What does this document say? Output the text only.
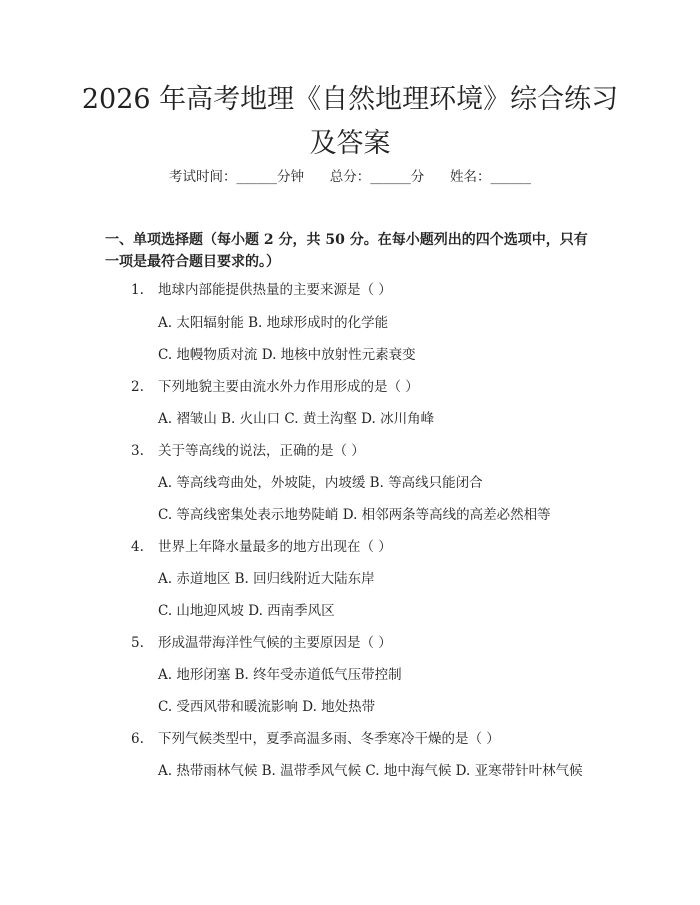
2026 年高考地理《自然地理环境》综合练习及答案
考试时间：______分钟      总分：______分      姓名：______
一、单项选择题（每小题 2 分，共 50 分。在每小题列出的四个选项中，只有一项是最符合题目要求的。）
1. 地球内部能提供热量的主要来源是（ ）
A. 太阳辐射能 B. 地球形成时的化学能
C. 地幔物质对流 D. 地核中放射性元素衰变
2. 下列地貌主要由流水外力作用形成的是（ ）
A. 褶皱山 B. 火山口 C. 黄土沟壑 D. 冰川角峰
3. 关于等高线的说法，正确的是（ ）
A. 等高线弯曲处，外坡陡，内坡缓 B. 等高线只能闭合
C. 等高线密集处表示地势陡峭 D. 相邻两条等高线的高差必然相等
4. 世界上年降水量最多的地方出现在（ ）
A. 赤道地区 B. 回归线附近大陆东岸
C. 山地迎风坡 D. 西南季风区
5. 形成温带海洋性气候的主要原因是（ ）
A. 地形闭塞 B. 终年受赤道低气压带控制
C. 受西风带和暖流影响 D. 地处热带
6. 下列气候类型中，夏季高温多雨、冬季寒冷干燥的是（ ）
A. 热带雨林气候 B. 温带季风气候 C. 地中海气候 D. 亚寒带针叶林气候
